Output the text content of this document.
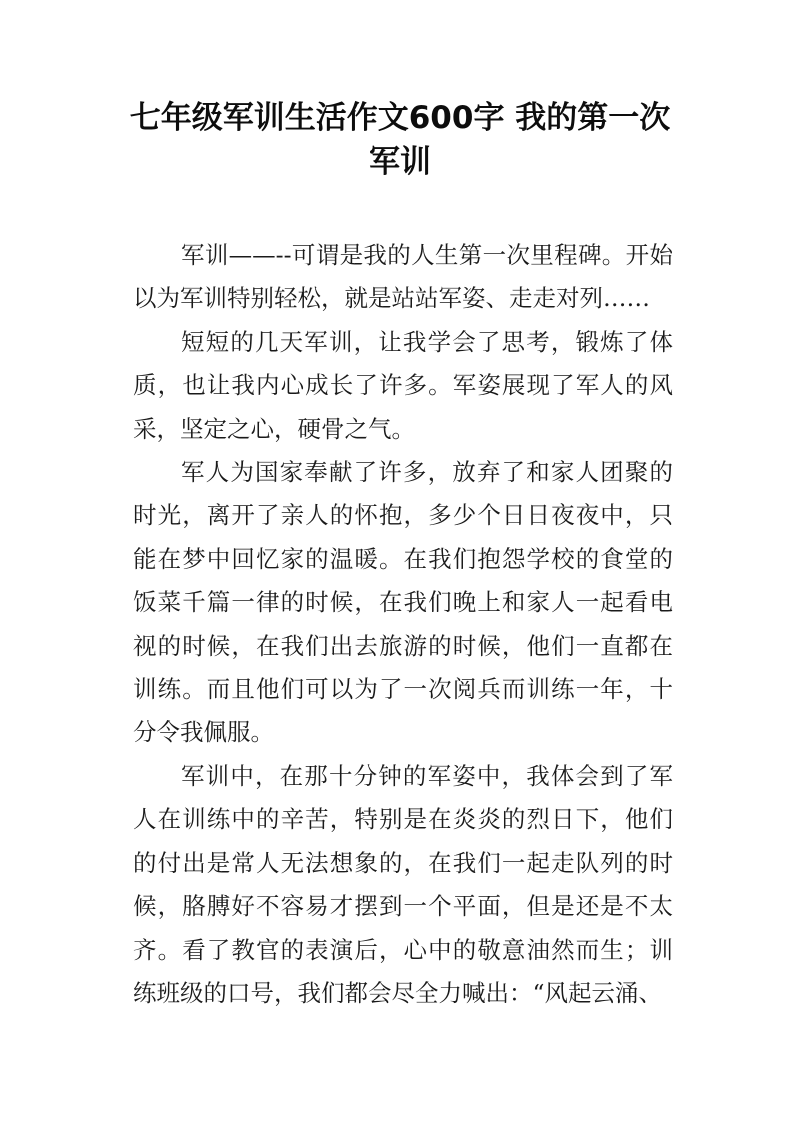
七年级军训生活作文600字 我的第一次军训

军训——--可谓是我的人生第一次里程碑。开始以为军训特别轻松，就是站站军姿、走走对列……

短短的几天军训，让我学会了思考，锻炼了体质，也让我内心成长了许多。军姿展现了军人的风采，坚定之心，硬骨之气。

军人为国家奉献了许多，放弃了和家人团聚的时光，离开了亲人的怀抱，多少个日日夜夜中，只能在梦中回忆家的温暖。在我们抱怨学校的食堂的饭菜千篇一律的时候，在我们晚上和家人一起看电视的时候，在我们出去旅游的时候，他们一直都在训练。而且他们可以为了一次阅兵而训练一年，十分令我佩服。

军训中，在那十分钟的军姿中，我体会到了军人在训练中的辛苦，特别是在炎炎的烈日下，他们的付出是常人无法想象的，在我们一起走队列的时候，胳膊好不容易才摆到一个平面，但是还是不太齐。看了教官的表演后，心中的敬意油然而生；训练班级的口号，我们都会尽全力喊出：“风起云涌、
